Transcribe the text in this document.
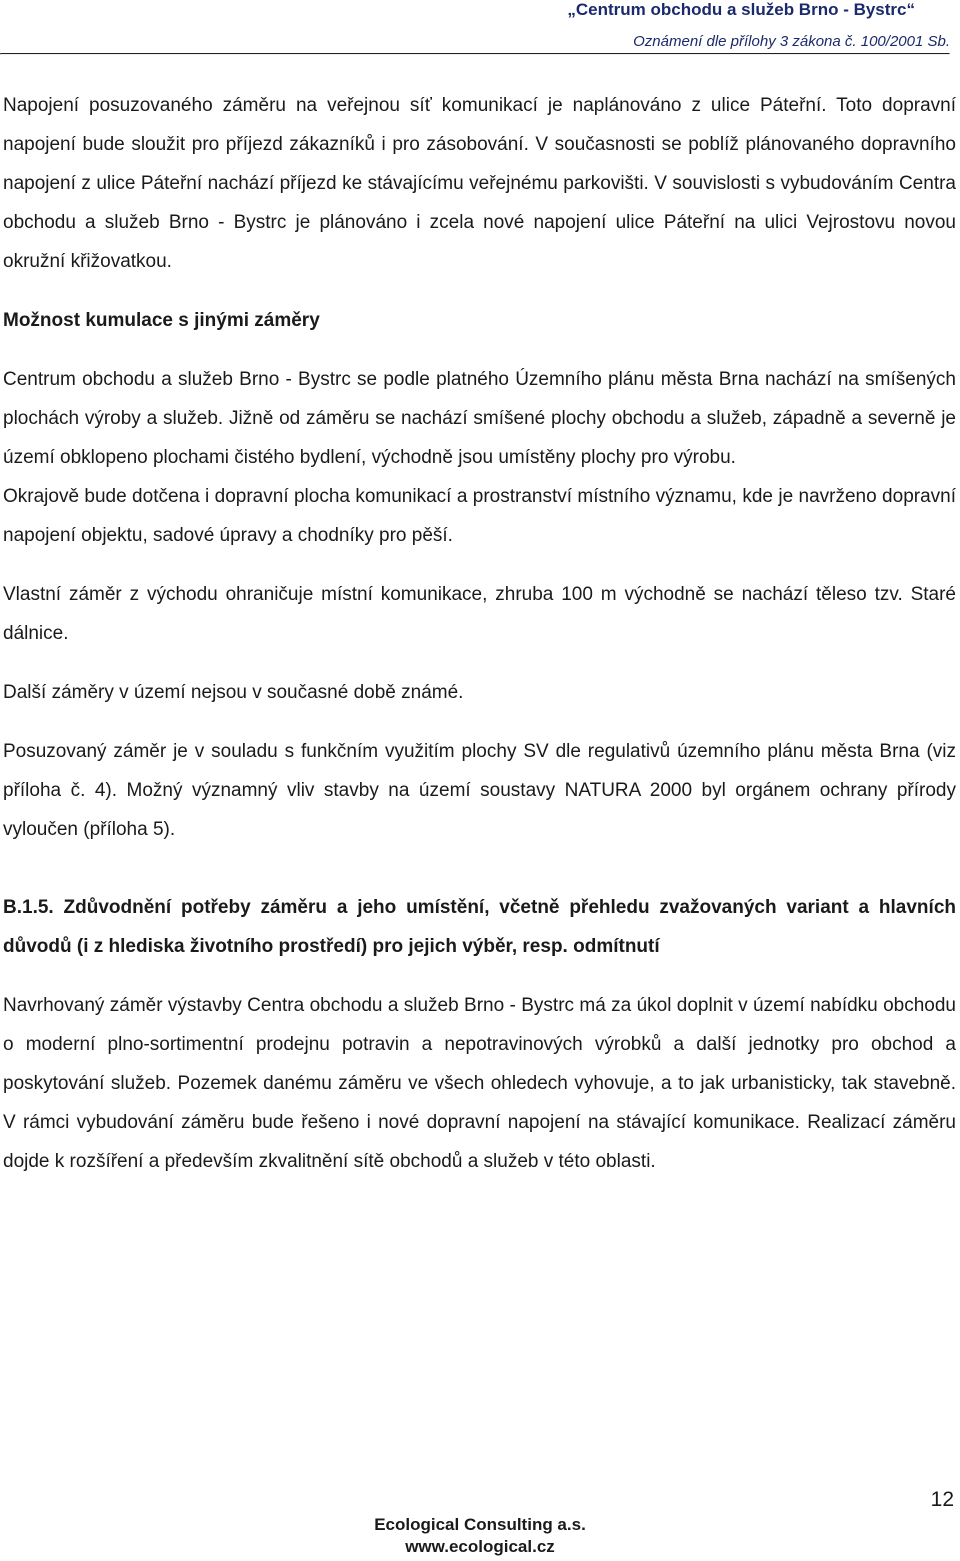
„Centrum obchodu a služeb Brno - Bystrc“
Oznámení dle přílohy 3 zákona č. 100/2001 Sb.

Napojení posuzovaného záměru na veřejnou síť komunikací je naplánováno z ulice Páteřní. Toto dopravní napojení bude sloužit pro příjezd zákazníků i pro zásobování. V současnosti se poblíž plánovaného dopravního napojení z ulice Páteřní nachází příjezd ke stávajícímu veřejnému parkovišti. V souvislosti s vybudováním Centra obchodu a služeb Brno - Bystrc je plánováno i zcela nové napojení ulice Páteřní na ulici Vejrostovu novou okružní křižovatkou.

Možnost kumulace s jinými záměry

Centrum obchodu a služeb Brno - Bystrc se podle platného Územního plánu města Brna nachází na smíšených plochách výroby a služeb. Jižně od záměru se nachází smíšené plochy obchodu a služeb, západně a severně je území obklopeno plochami čistého bydlení, východně jsou umístěny plochy pro výrobu.

Okrajově bude dotčena i dopravní plocha komunikací a prostranství místního významu, kde je navrženo dopravní napojení objektu, sadové úpravy a chodníky pro pěší.

Vlastní záměr z východu ohraničuje místní komunikace, zhruba 100 m východně se nachází těleso tzv. Staré dálnice.

Další záměry v území nejsou v současné době známé.

Posuzovaný záměr je v souladu s funkčním využitím plochy SV dle regulativů územního plánu města Brna (viz příloha č. 4). Možný významný vliv stavby na území soustavy NATURA 2000 byl orgánem ochrany přírody vyloučen (příloha 5).

B.1.5. Zdůvodnění potřeby záměru a jeho umístění, včetně přehledu zvažovaných variant a hlavních důvodů (i z hlediska životního prostředí) pro jejich výběr, resp. odmítnutí

Navrhovaný záměr výstavby Centra obchodu a služeb Brno - Bystrc má za úkol doplnit v území nabídku obchodu o moderní plno-sortimentní prodejnu potravin a nepotravinových výrobků a další jednotky pro obchod a poskytování služeb. Pozemek danému záměru ve všech ohledech vyhovuje, a to jak urbanisticky, tak stavebně. V rámci vybudování záměru bude řešeno i nové dopravní napojení na stávající komunikace. Realizací záměru dojde k rozšíření a především zkvalitnění sítě obchodů a služeb v této oblasti.

12
Ecological Consulting a.s.
www.ecological.cz
